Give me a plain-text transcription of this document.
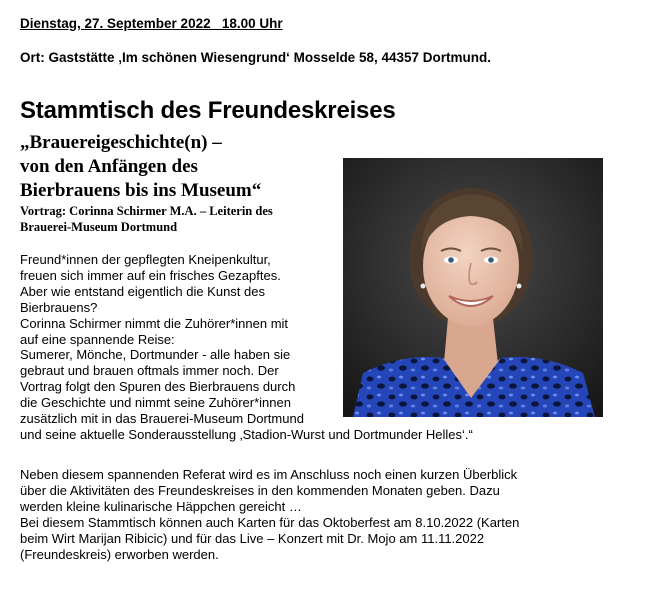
Dienstag, 27. September 2022   18.00 Uhr
Ort: Gaststätte ‚Im schönen Wiesengrund‘ Mosselde 58, 44357 Dortmund.
Stammtisch des Freundeskreises
„Brauereigeschichte(n) –
von den Anfängen des
Bierbrauens bis ins Museum“
Vortrag: Corinna Schirmer M.A. – Leiterin des
Brauerei-Museum Dortmund
Freund*innen der gepflegten Kneipenkultur,
freuen sich immer auf ein frisches Gezapftes.
Aber wie entstand eigentlich die Kunst des
Bierbrauens?
Corinna Schirmer nimmt die Zuhörer*innen mit
auf eine spannende Reise:
Sumerer, Mönche, Dortmunder - alle haben sie
gebraut und brauen oftmals immer noch. Der
Vortrag folgt den Spuren des Bierbrauens durch
die Geschichte und nimmt seine Zuhörer*innen
zusätzlich mit in das Brauerei-Museum Dortmund
und seine aktuelle Sonderausstellung ‚Stadion-Wurst und Dortmunder Helles‘.“
Neben diesem spannenden Referat wird es im Anschluss noch einen kurzen Überblick
über die Aktivitäten des Freundeskreises in den kommenden Monaten geben. Dazu
werden kleine kulinarische Häppchen gereicht …
Bei diesem Stammtisch können auch Karten für das Oktoberfest am 8.10.2022 (Karten
beim Wirt Marijan Ribicic) und für das Live – Konzert mit Dr. Mojo am 11.11.2022
(Freundeskreis) erworben werden.
